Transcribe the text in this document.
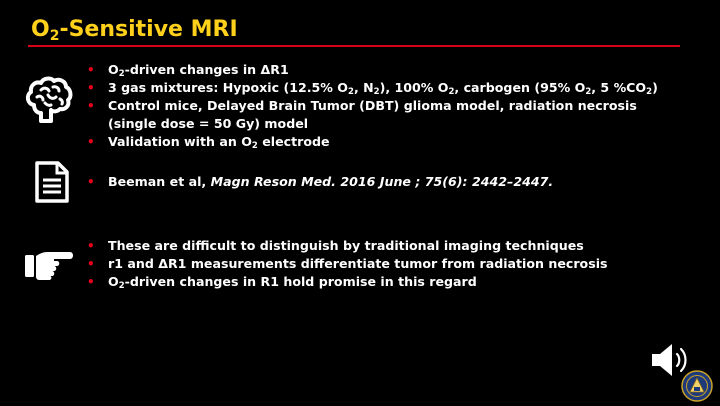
$O_2$-Sensitive MRI
• $O_2$-driven changes in ΔR1
• 3 gas mixtures: Hypoxic (12.5% $O_2$, $N_2$), 100% $O_2$, carbogen (95% $O_2$, 5 $\%CO_2$)
• Control mice, Delayed Brain Tumor (DBT) glioma model, radiation necrosis (single dose = 50 Gy) model
• Validation with an $O_2$ electrode
• Beeman et al, Magn Reson Med. 2016 June ; 75(6): 2442–2447.
• These are difficult to distinguish by traditional imaging techniques
• r1 and ΔR1 measurements differentiate tumor from radiation necrosis
• $O_2$-driven changes in R1 hold promise in this regard
